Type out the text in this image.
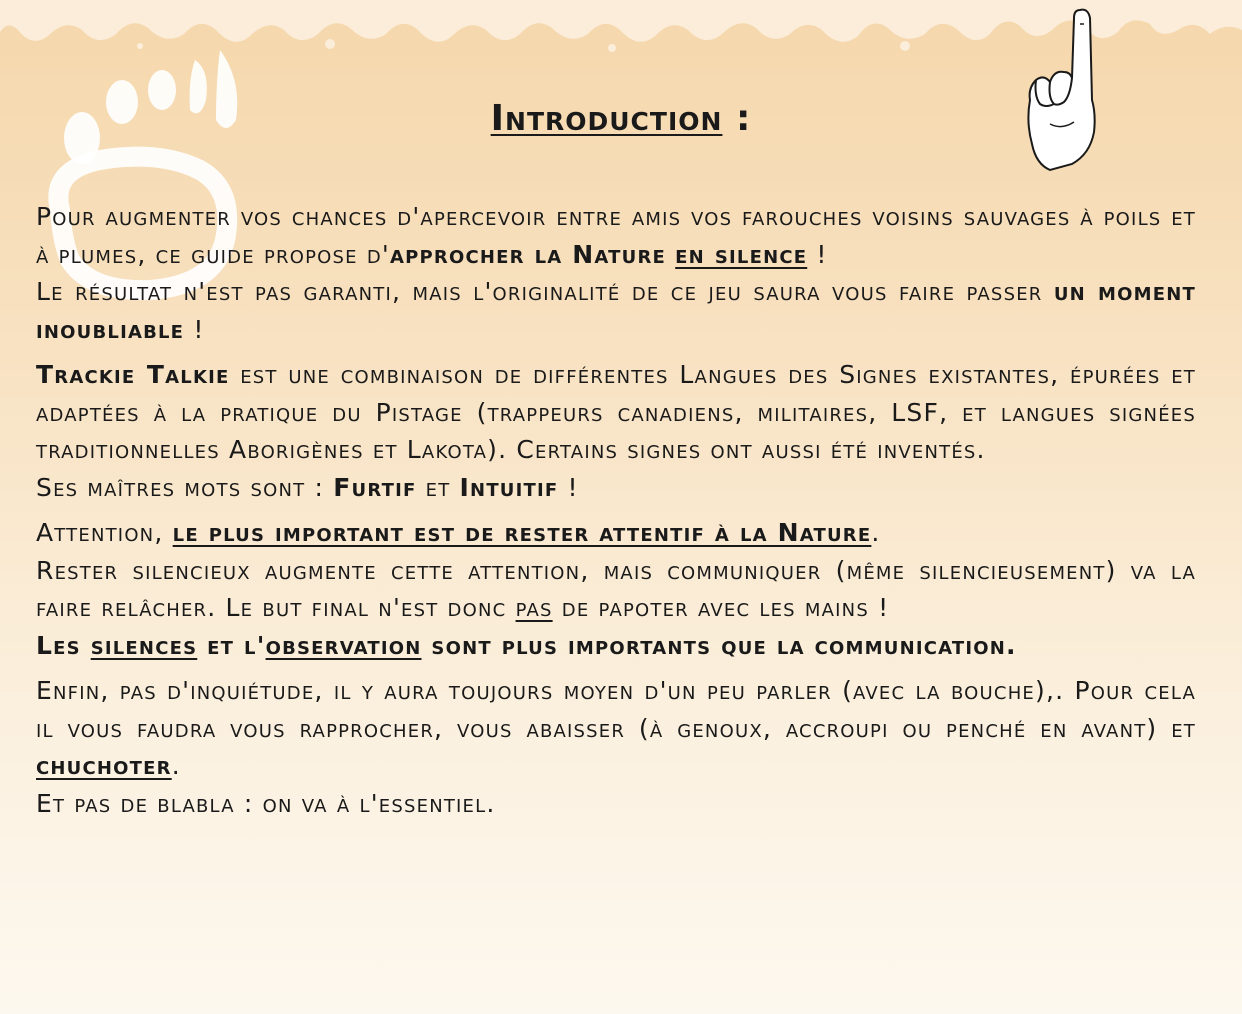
Introduction :

Pour augmenter vos chances d'apercevoir entre amis vos farouches voisins sauvages à poils et à plumes, ce guide propose d'approcher la Nature en silence !

Le résultat n'est pas garanti, mais l'originalité de ce jeu saura vous faire passer un moment inoubliable !

Trackie Talkie est une combinaison de différentes Langues des Signes existantes, épurées et adaptées à la pratique du Pistage (trappeurs canadiens, militaires, LSF, et langues signées traditionnelles Aborigènes et Lakota). Certains signes ont aussi été inventés.

Ses maîtres mots sont : Furtif et Intuitif !

Attention, le plus important est de rester attentif à la Nature.

Rester silencieux augmente cette attention, mais communiquer (même silencieusement) va la faire relâcher. Le but final n'est donc pas de papoter avec les mains !

Les silences et l'observation sont plus importants que la communication.

Enfin, pas d'inquiétude, il y aura toujours moyen d'un peu parler (avec la bouche),. Pour cela il vous faudra vous rapprocher, vous abaisser (à genoux, accroupi ou penché en avant) et chuchoter.

Et pas de blabla : on va à l'essentiel.
